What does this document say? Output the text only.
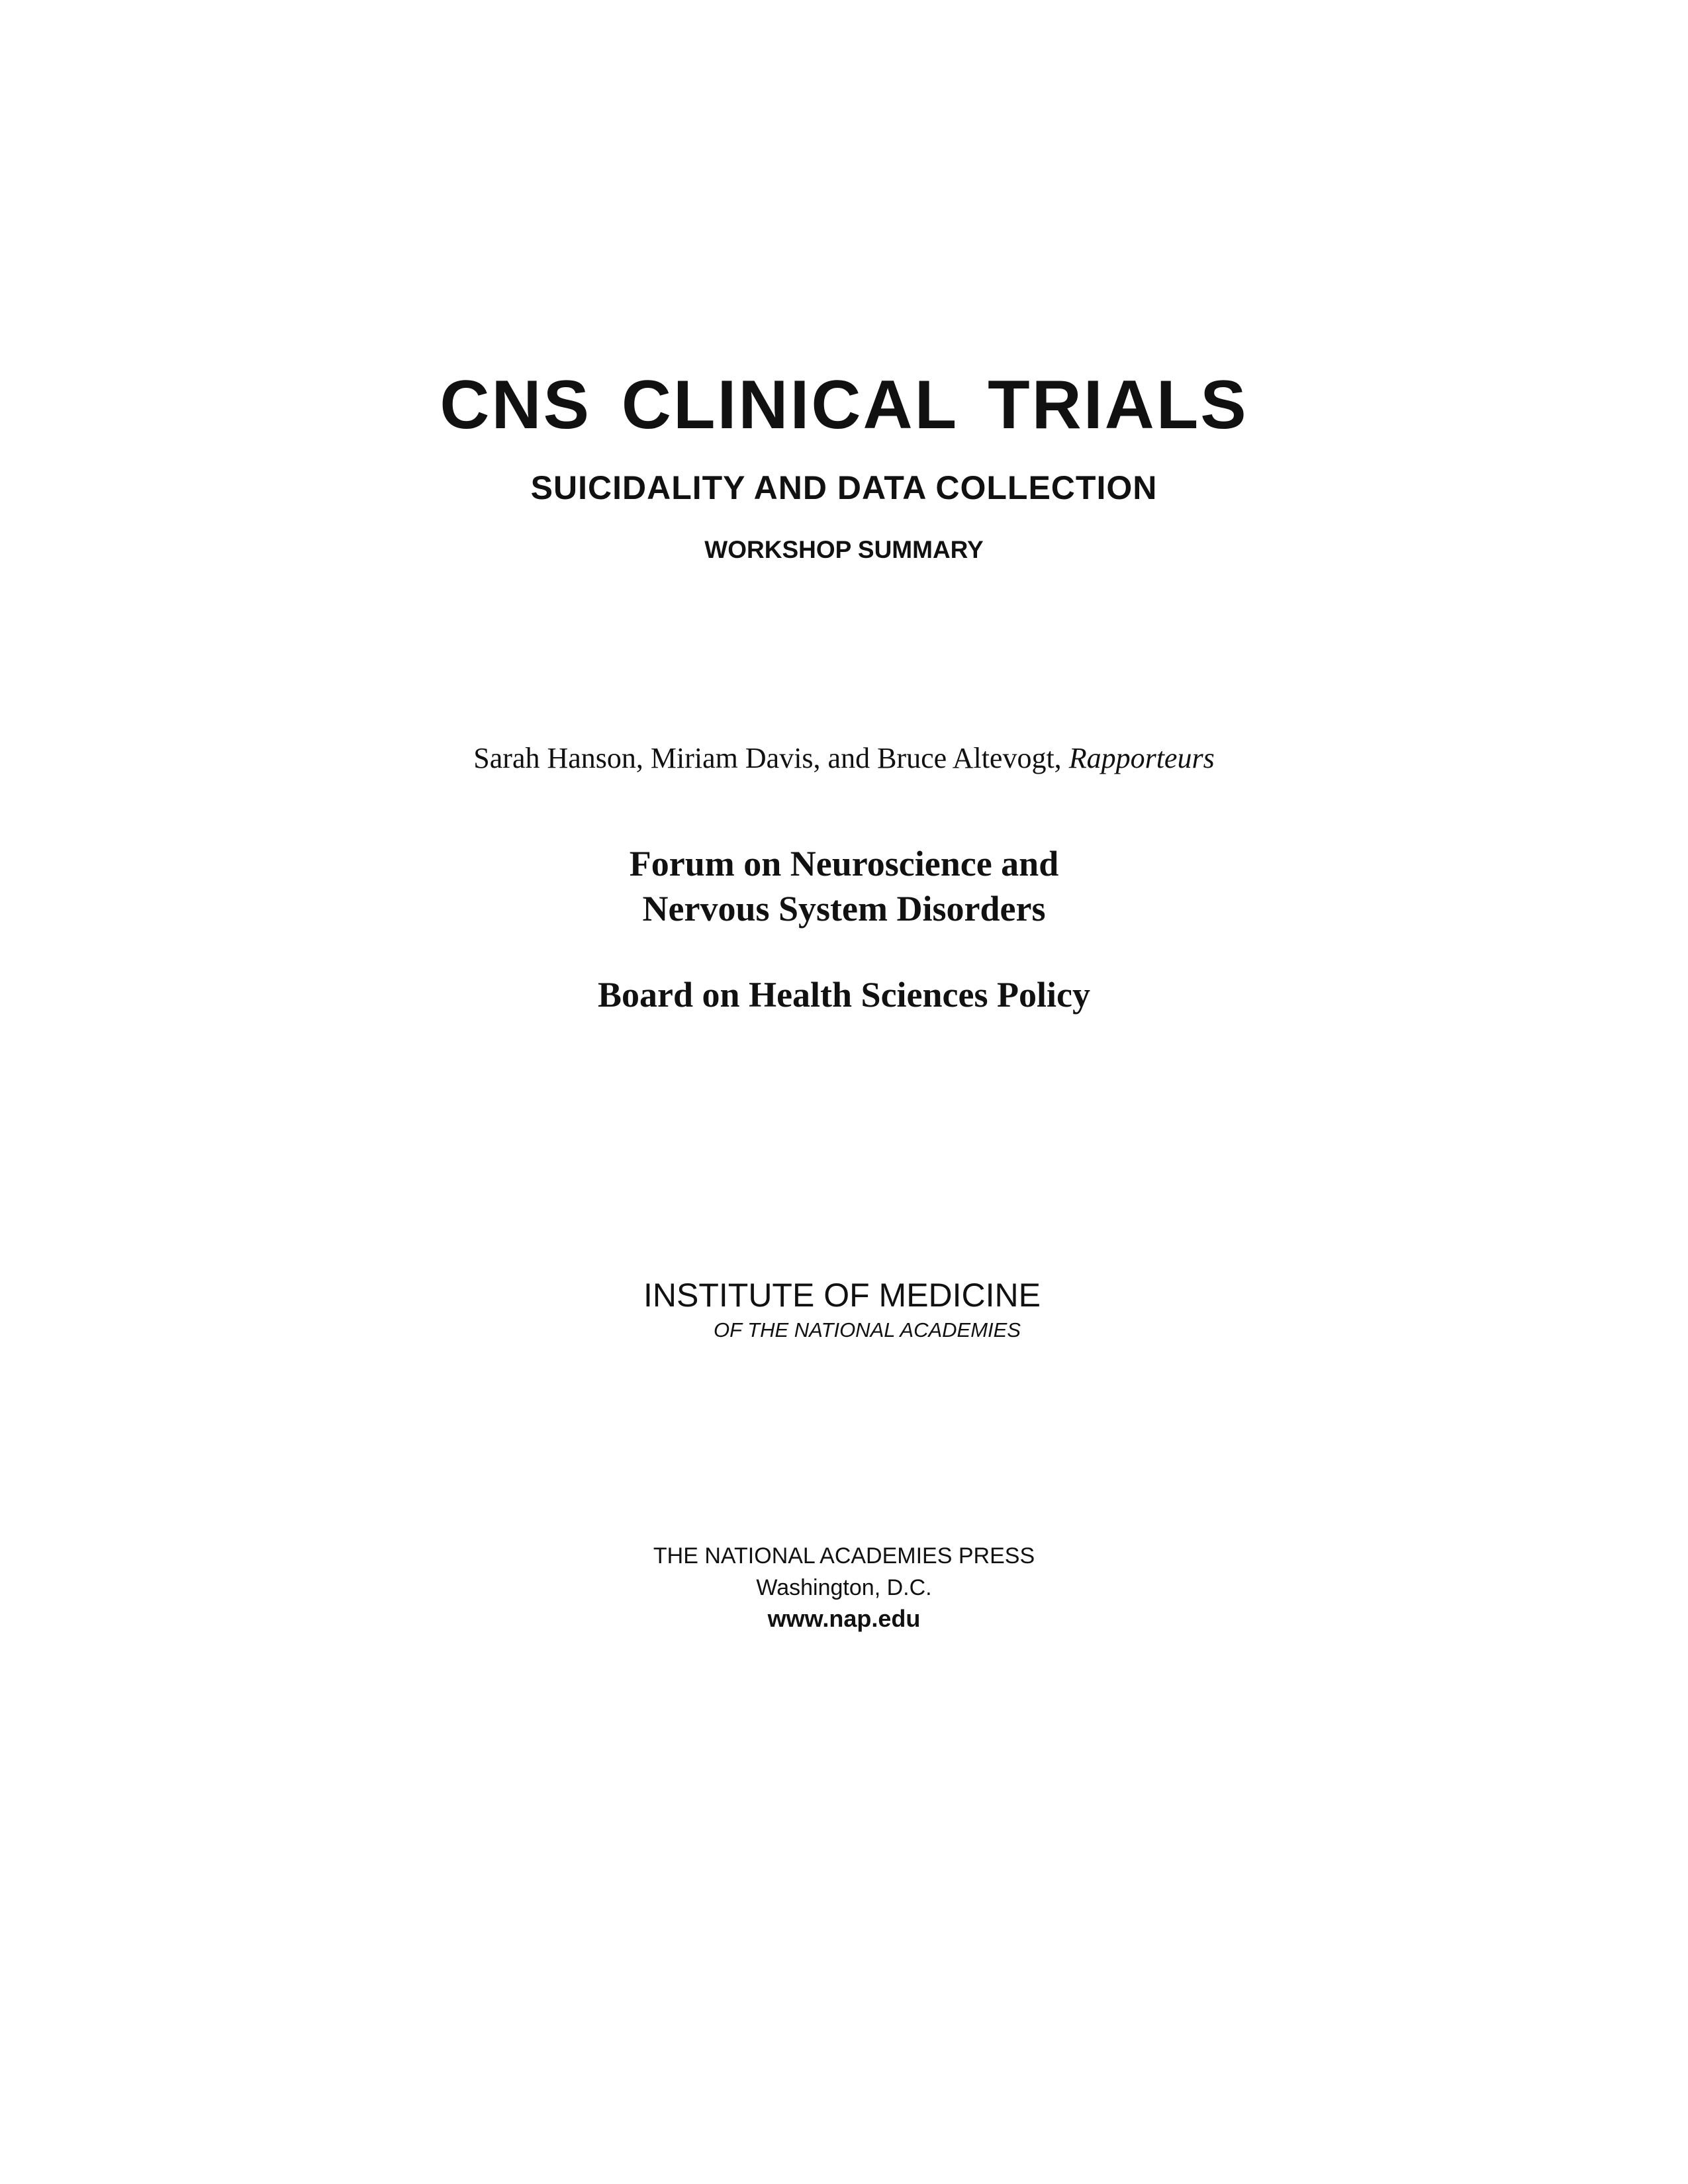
CNS CLINICAL TRIALS
SUICIDALITY AND DATA COLLECTION
WORKSHOP SUMMARY
Sarah Hanson, Miriam Davis, and Bruce Altevogt, Rapporteurs
Forum on Neuroscience and
Nervous System Disorders
Board on Health Sciences Policy
INSTITUTE OF MEDICINE
OF THE NATIONAL ACADEMIES
THE NATIONAL ACADEMIES PRESS
Washington, D.C.
www.nap.edu
